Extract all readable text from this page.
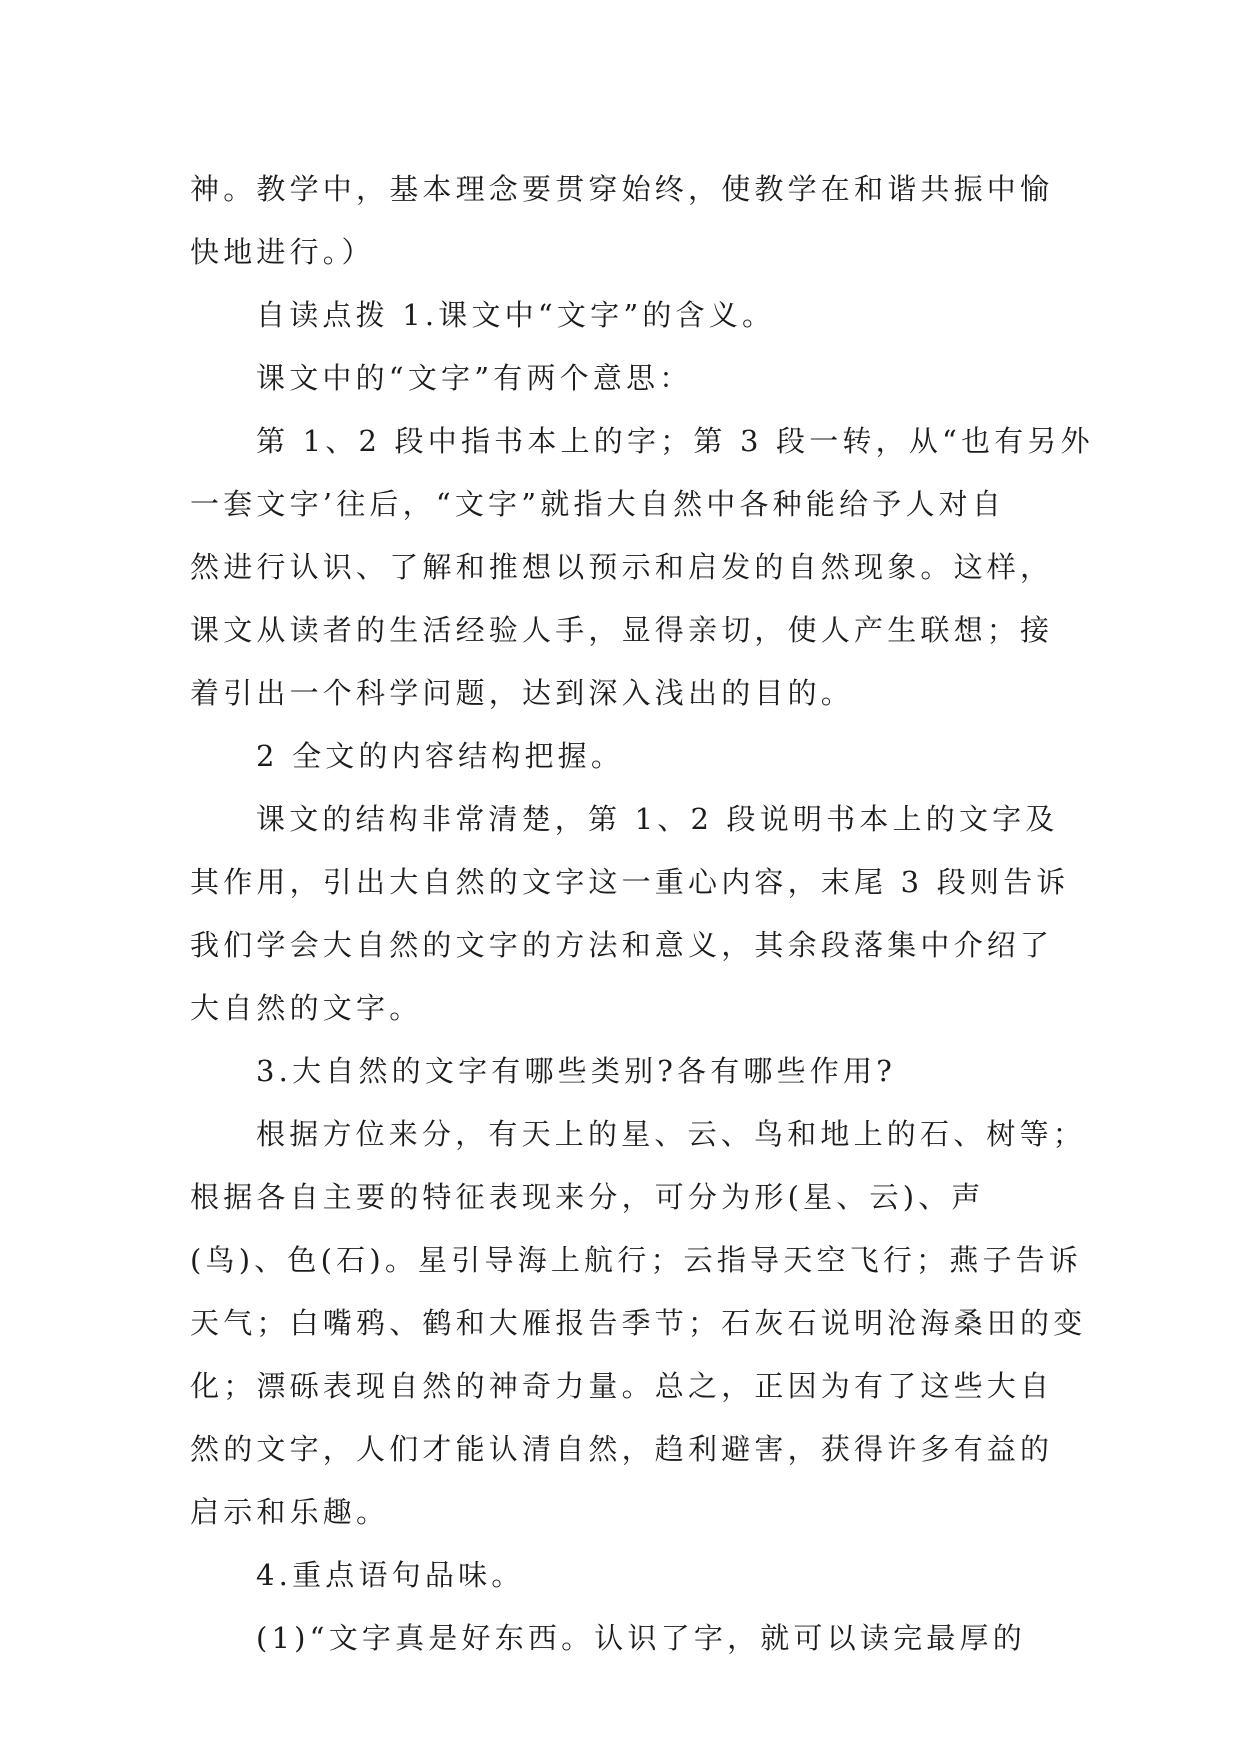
神。教学中，基本理念要贯穿始终，使教学在和谐共振中愉

快地进行。）

自读点拨 1.课文中“文字”的含义。

课文中的“文字”有两个意思：

第 1、2 段中指书本上的字；第 3 段一转，从“也有另外

一套文字’往后，“文字”就指大自然中各种能给予人对自

然进行认识、了解和推想以预示和启发的自然现象。这样，

课文从读者的生活经验人手，显得亲切，使人产生联想；接

着引出一个科学问题，达到深入浅出的目的。

2 全文的内容结构把握。

课文的结构非常清楚，第 1、2 段说明书本上的文字及

其作用，引出大自然的文字这一重心内容，末尾 3 段则告诉

我们学会大自然的文字的方法和意义，其余段落集中介绍了

大自然的文字。

3.大自然的文字有哪些类别?各有哪些作用?

根据方位来分，有天上的星、云、鸟和地上的石、树等；

根据各自主要的特征表现来分，可分为形(星、云)、声

(鸟)、色(石)。星引导海上航行；云指导天空飞行；燕子告诉

天气；白嘴鸦、鹤和大雁报告季节；石灰石说明沧海桑田的变

化；漂砾表现自然的神奇力量。总之，正因为有了这些大自

然的文字，人们才能认清自然，趋利避害，获得许多有益的

启示和乐趣。

4.重点语句品味。

(1)“文字真是好东西。认识了字，就可以读完最厚的
